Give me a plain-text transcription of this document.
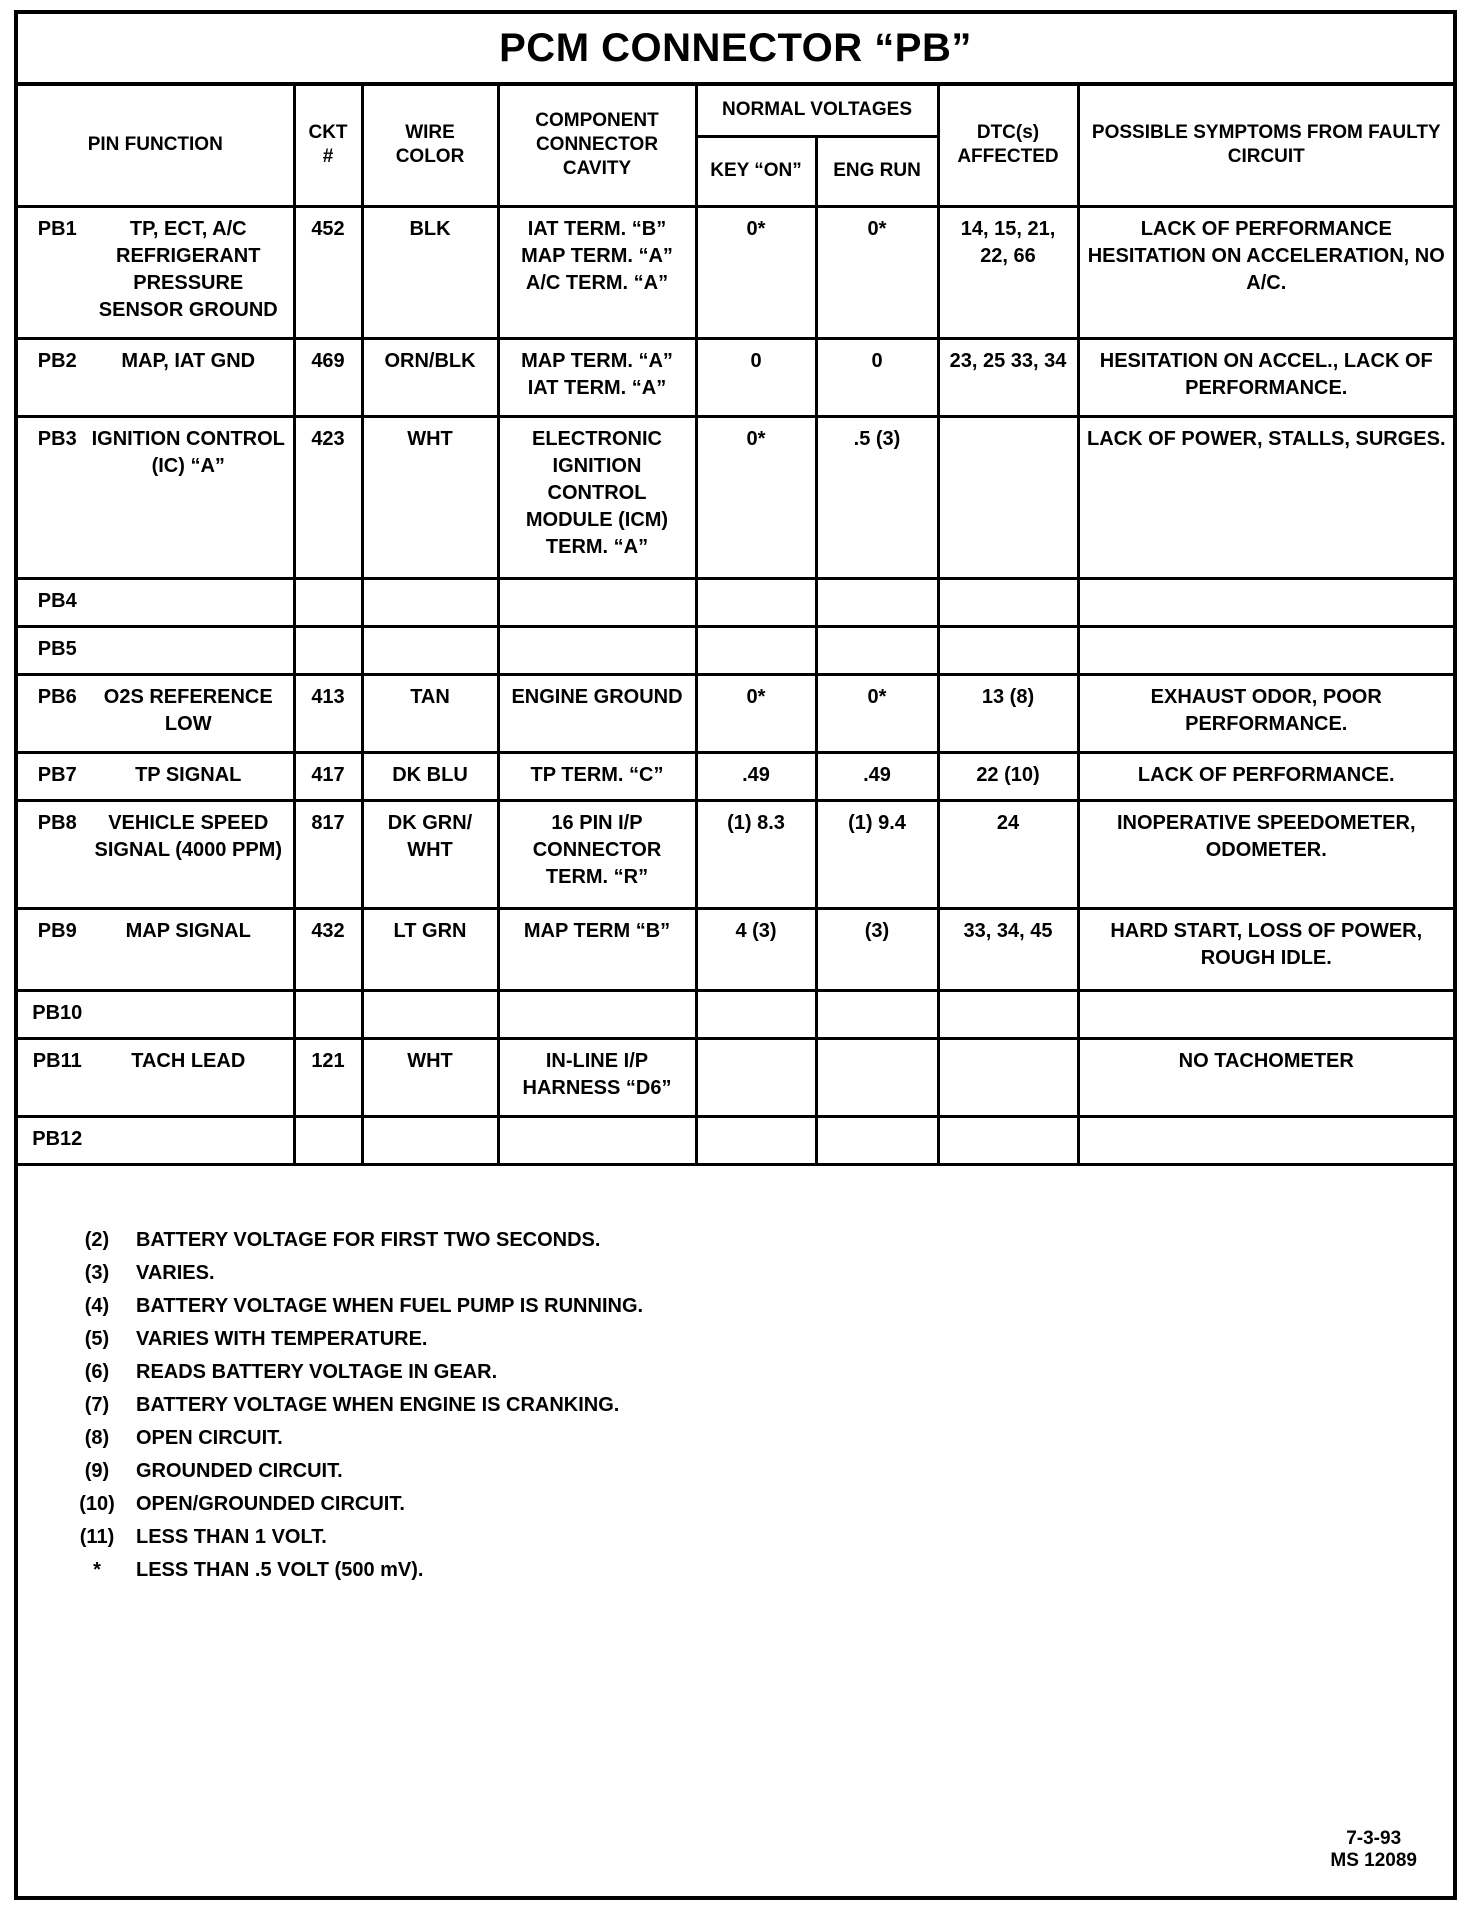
PCM CONNECTOR “PB”
PIN FUNCTION	CKT #	WIRE COLOR	COMPONENT CONNECTOR CAVITY	NORMAL VOLTAGES		DTC(s) AFFECTED	POSSIBLE SYMPTOMS FROM FAULTY CIRCUIT
				KEY “ON”	ENG RUN		
PB1 TP, ECT, A/C REFRIGERANT PRESSURE SENSOR GROUND	452	BLK	IAT TERM. “B” MAP TERM. “A” A/C TERM. “A”	0*	0*	14, 15, 21, 22, 66	LACK OF PERFORMANCE HESITATION ON ACCELERATION, NO A/C.
PB2 MAP, IAT GND	469	ORN/BLK	MAP TERM. “A” IAT TERM. “A”	0	0	23, 25 33, 34	HESITATION ON ACCEL., LACK OF PERFORMANCE.
PB3 IGNITION CONTROL (IC) “A”	423	WHT	ELECTRONIC IGNITION CONTROL MODULE (ICM) TERM. “A”	0*	.5 (3)		LACK OF POWER, STALLS, SURGES.
PB4							
PB5							
PB6 O2S REFERENCE LOW	413	TAN	ENGINE GROUND	0*	0*	13 (8)	EXHAUST ODOR, POOR PERFORMANCE.
PB7 TP SIGNAL	417	DK BLU	TP TERM. “C”	.49	.49	22 (10)	LACK OF PERFORMANCE.
PB8 VEHICLE SPEED SIGNAL (4000 PPM)	817	DK GRN/ WHT	16 PIN I/P CONNECTOR TERM. “R”	(1) 8.3	(1) 9.4	24	INOPERATIVE SPEEDOMETER, ODOMETER.
PB9 MAP SIGNAL	432	LT GRN	MAP TERM “B”	4 (3)	(3)	33, 34, 45	HARD START, LOSS OF POWER, ROUGH IDLE.
PB10							
PB11 TACH LEAD	121	WHT	IN-LINE I/P HARNESS “D6”				NO TACHOMETER
PB12							
(2)	BATTERY VOLTAGE FOR FIRST TWO SECONDS.
(3)	VARIES.
(4)	BATTERY VOLTAGE WHEN FUEL PUMP IS RUNNING.
(5)	VARIES WITH TEMPERATURE.
(6)	READS BATTERY VOLTAGE IN GEAR.
(7)	BATTERY VOLTAGE WHEN ENGINE IS CRANKING.
(8)	OPEN CIRCUIT.
(9)	GROUNDED CIRCUIT.
(10)	OPEN/GROUNDED CIRCUIT.
(11)	LESS THAN 1 VOLT.
*	LESS THAN .5 VOLT (500 mV).
7-3-93
MS 12089
